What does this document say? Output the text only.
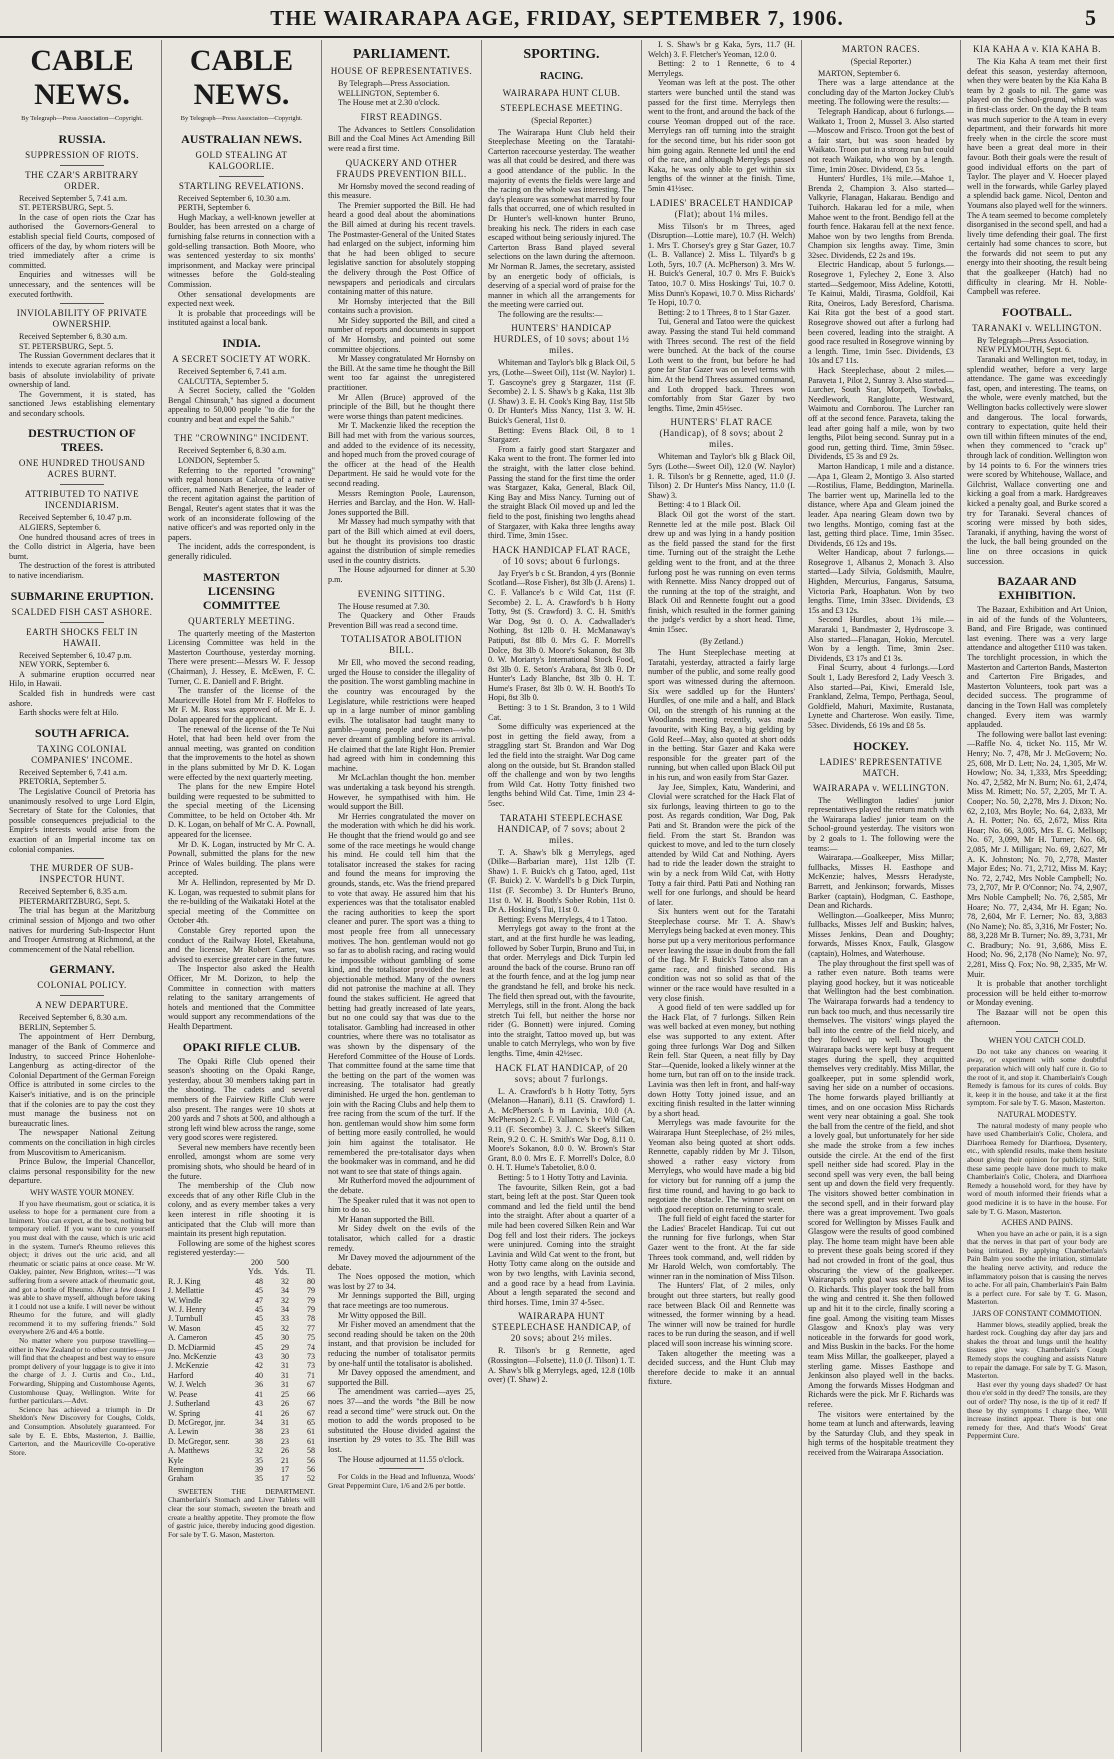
THE WAIRARAPA AGE, FRIDAY, SEPTEMBER 7, 1906.	5
CABLE NEWS.
By Telegraph—Press Association—Copyright.
RUSSIA.
SUPPRESSION OF RIOTS.
THE CZAR'S ARBITRARY ORDER.

Received September 5, 7.41 a.m.

ST. PETERSBURG, Sept. 5.

In the case of open riots the Czar has authorised the Governors-General to establish special field Courts, composed of officers of the day, by whom rioters will be tried immediately after a crime is committed.

Enquiries and witnesses will be unnecessary, and the sentences will be executed forthwith.

INVIOLABILITY OF PRIVATE OWNERSHIP.

Received September 6, 8.30 a.m.

ST. PETERSBURG, Sept. 5.

The Russian Government declares that it intends to execute agrarian reforms on the basis of absolute inviolability of private ownership of land.

The Government, it is stated, has sanctioned Jews establishing elementary and secondary schools.

DESTRUCTION OF TREES.
ONE HUNDRED THOUSAND ACRES BURNT.
ATTRIBUTED TO NATIVE INCENDIARISM.

Received September 6, 10.47 p.m.

ALGIERS, September 6.

One hundred thousand acres of trees in the Collo district in Algeria, have been burnt.

The destruction of the forest is attributed to native incendiarism.

SUBMARINE ERUPTION.
SCALDED FISH CAST ASHORE.
EARTH SHOCKS FELT IN HAWAII.

Received September 6, 10.47 p.m.

NEW YORK, September 6.

A submarine eruption occurred near Hilo, in Hawaii.

Scalded fish in hundreds were cast ashore.

Earth shocks were felt at Hilo.

SOUTH AFRICA.
TAXING COLONIAL COMPANIES' INCOME.

Received September 6, 7.41 a.m.

PRETORIA, September 5.

The Legislative Council of Pretoria has unanimously resolved to urge Lord Elgin, Secretary of State for the Colonies, that possible consequences prejudicial to the Empire's interests would arise from the exaction of an Imperial income tax on colonial companies.

THE MURDER OF SUB-INSPECTOR HUNT.

Received September 6, 8.35 a.m.

PIETERMARITZBURG, Sept. 5.

The trial has begun at the Maritzburg criminal session of Mjongo and two other natives for murdering Sub-Inspector Hunt and Trooper Armstrong at Richmond, at the commencement of the Natal rebellion.

GERMANY.
COLONIAL POLICY.
A NEW DEPARTURE.

Received September 6, 8.30 a.m.

BERLIN, September 5.

The appointment of Herr Dernburg, manager of the Bank of Commerce and Industry, to succeed Prince Hohenlohe-Langenburg as acting-director of the Colonial Department of the German Foreign Office is attributed in some circles to the Kaiser's initiative, and is on the principle that if the colonies are to pay the cost they must manage the business not on bureaucratic lines.

The newspaper National Zeitung comments on the conciliation in high circles from Muscovitism to Americanism.

Prince Bulow, the Imperial Chancellor, claims personal responsibility for the new departure.

WHY WASTE YOUR MONEY.

If you have rheumatism, gout or sciatica, it is useless to hope for a permanent cure from a liniment. You can expect, at the best, nothing but temporary relief. If you want to cure yourself you must deal with the cause, which is uric acid in the system. Turner's Rheumo relieves this object; it drives out the uric acid, and all rheumatic or sciatic pains at once cease. Mr W. Oakley, painter, New Brighton, writes:—"I was suffering from a severe attack of rheumatic gout, and got a bottle of Rheumo. After a few doses I was able to shave myself, although before taking it I could not use a knife. I will never be without Rheumo for the future, and will gladly recommend it to my suffering friends." Sold everywhere 2/6 and 4/6 a bottle.

No matter where you purpose travelling—either in New Zealand or to other countries—you will find that the cheapest and best way to ensure prompt delivery of your luggage is to give it into the charge of J. J. Curtis and Co., Ltd., Forwarding, Shipping and Customhouse Agents, Customhouse Quay, Wellington. Write for further particulars.—Advt.

Science has achieved a triumph in Dr Sheldon's New Discovery for Coughs, Colds, and Consumption. Absolutely guaranteed. For sale by E. E. Ebbs, Masterton, J. Baillie, Carterton, and the Mauriceville Co-operative Store.

CABLE NEWS.
By Telegraph—Press Association—Copyright.
AUSTRALIAN NEWS.
GOLD STEALING AT KALGOORLIE.
STARTLING REVELATIONS.

Received September 6, 10.30 a.m.

PERTH, September 6.

Hugh Mackay, a well-known jeweller at Boulder, has been arrested on a charge of furnishing false returns in connection with a gold-selling transaction. Both Moore, who was sentenced yesterday to six months' imprisonment, and Mackay were principal witnesses before the Gold-stealing Commission.

Other sensational developments are expected next week.

It is probable that proceedings will be instituted against a local bank.

INDIA.
A SECRET SOCIETY AT WORK.

Received September 6, 7.41 a.m.

CALCUTTA, September 5.

A Secret Society, called the "Golden Bengal Chinsurah," has signed a document appealing to 50,000 people "to die for the country and beat and expel the Sahib."

THE "CROWNING" INCIDENT.

Received September 6, 8.30 a.m.

LONDON, September 5.

Referring to the reported "crowning" with regal honours at Calcutta of a native officer, named Nath Benerjee, the leader of the recent agitation against the partition of Bengal, Reuter's agent states that it was the work of an inconsiderate following of the native officer's and was reported only in the papers.

The incident, adds the correspondent, is generally ridiculed.

MASTERTON LICENSING COMMITTEE
QUARTERLY MEETING.

The quarterly meeting of the Masterton Licensing Committee was held in the Masterton Courthouse, yesterday morning. There were present:—Messrs W. F. Jessop (Chairman), J. Hessey, E. McEwen, F. C. Turner, C. E. Daniell and F. Bright.

The transfer of the license of the Mauriceville Hotel from Mr F. Hoffelos to Mr F. M. Ross was approved of. Mr E. J. Dolan appeared for the applicant.

The renewal of the license of the Te Nui Hotel, that had been held over from the annual meeting, was granted on condition that the improvements to the hotel as shown in the plans submitted by Mr D. K. Logan were effected by the next quarterly meeting.

The plans for the new Empire Hotel building were requested to be submitted to the special meeting of the Licensing Committee, to be held on October 4th. Mr D. K. Logan, on behalf of Mr C. A. Pownall, appeared for the licensee.

Mr D. K. Logan, instructed by Mr C. A. Pownall, submitted the plans for the new Prince of Wales building. The plans were accepted.

Mr A. Hellindon, represented by Mr D. K. Logan, was requested to submit plans for the re-building of the Waikataki Hotel at the special meeting of the Committee on October 4th.

Constable Grey reported upon the conduct of the Railway Hotel, Eketahuna, and the licensee, Mr Robert Carter, was advised to exercise greater care in the future.

The Inspector also asked the Health Officer, Mr M. Dorizon, to help the Committee in connection with matters relating to the sanitary arrangements of hotels and mentioned that the Committee would support any recommendations of the Health Department.

OPAKI RIFLE CLUB.

The Opaki Rifle Club opened their season's shooting on the Opaki Range, yesterday, about 30 members taking part in the shooting. The cadets and several members of the Fairview Rifle Club were also present. The ranges were 10 shots at 200 yards and 7 shots at 500, and although a strong left wind blew across the range, some very good scores were registered.

Several new members have recently been enrolled, amongst whom are some very promising shots, who should be heard of in the future.

The membership of the Club now exceeds that of any other Rifle Club in the colony, and as every member takes a very keen interest in rifle shooting it is anticipated that the Club will more than maintain its present high reputation.

Following are some of the highest scores registered yesterday:—

	200	500	
	Yds.	Yds.	Tl.
R. J. King	48	32	80
J. Mellattie	45	34	79
W. Windle	47	32	79
W. J. Henry	45	34	79
J. Turnbull	45	33	78
W. Mason	45	32	77
A. Cameron	45	30	75
D. McDiarmid	45	29	74
Jno. McKenzie	43	30	73
J. McKenzie	42	31	73
Harford	40	31	71
W. J. Welch	36	31	67
W. Pease	41	25	66
J. Sutherland	43	26	67
W. Spring	41	26	67
D. McGregor, jnr.	34	31	65
A. Lewin	38	23	61
D. McGregor, senr.	38	23	61
A. Matthews	32	26	58
Kyle	35	21	56
Remington	39	17	56
Graham	35	17	52

SWEETEN THE DEPARTMENT. Chamberlain's Stomach and Liver Tablets will clear the sour stomach, sweeten the breath and create a healthy appetite. They promote the flow of gastric juice, thereby inducing good digestion. For sale by T. G. Mason, Masterton.

PARLIAMENT.
HOUSE OF REPRESENTATIVES.

By Telegraph—Press Association.

WELLINGTON, September 6.

The House met at 2.30 o'clock.

FIRST READINGS.

The Advances to Settlers Consolidation Bill and the Coal Mines Act Amending Bill were read a first time.

QUACKERY AND OTHER FRAUDS PREVENTION BILL.

Mr Hornsby moved the second reading of this measure.

The Premier supported the Bill. He had heard a good deal about the abominations the Bill aimed at during his recent travels. The Postmaster-General of the United States had enlarged on the subject, informing him that he had been obliged to secure legislative sanction for absolutely stopping the delivery through the Post Office of newspapers and periodicals and circulars containing matter of this nature.

Mr Hornsby interjected that the Bill contains such a provision.

Mr Sidey supported the Bill, and cited a number of reports and documents in support of Mr Hornsby, and pointed out some committee objections.

Mr Massey congratulated Mr Hornsby on the Bill. At the same time he thought the Bill went too far against the unregistered practitioner.

Mr Allen (Bruce) approved of the principle of the Bill, but he thought there were worse things than patent medicines.

Mr T. Mackenzie liked the reception the Bill had met with from the various sources, and added to the evidence of its necessity, and hoped much from the proved courage of the officer at the head of the Health Department. He said he would vote for the second reading.

Messrs Remington Poole, Laurenson, Herries and Barclay, and the Hon. W. Hall-Jones supported the Bill.

Mr Massey had much sympathy with that part of the Bill which aimed at evil doers, but he thought its provisions too drastic against the distribution of simple remedies used in the country districts.

The House adjourned for dinner at 5.30 p.m.

EVENING SITTING.

The House resumed at 7.30.

The Quackery and Other Frauds Prevention Bill was read a second time.

TOTALISATOR ABOLITION BILL.

Mr Ell, who moved the second reading, urged the House to consider the illegality of the position. The worst gambling machine in the country was encouraged by the Legislature, while restrictions were heaped up in a large number of minor gambling evils. The totalisator had taught many to gamble—young people and women—who never dreamt of gambling before its arrival. He claimed that the late Right Hon. Premier had agreed with him in condemning this machine.

Mr McLachlan thought the hon. member was undertaking a task beyond his strength. However, he sympathised with him. He would support the Bill.

Mr Herries congratulated the mover on the moderation with which he did his work. He thought that the friend would go and see some of the race meetings he would change his mind. He could tell him that the totalisator increased the stakes for racing and found the means for improving the grounds, stands, etc. Was the friend prepared to vote that away. He assured him that his experiences was that the totalisator enabled the racing authorities to keep the sport cleaner and purer. The sport was a thing to most people free from all unnecessary motives. The hon. gentleman would not go so far as to abolish racing, and racing would be impossible without gambling of some kind, and the totalisator provided the least objectionable method. Many of the owners did not patronise the machine at all. They found the stakes sufficient. He agreed that betting had greatly increased of late years, but no one could say that was due to the totalisator. Gambling had increased in other countries, where there was no totalisator as was shown by the dispensary of the Hereford Committee of the House of Lords. That committee found at the same time that the betting on the part of the women was increasing. The totalisator had greatly diminished. He urged the hon. gentleman to join with the Racing Clubs and help them to free racing from the scum of the turf. If the hon. gentleman would show him some form of betting more easily controlled, he would join him against the totalisator. He remembered the pre-totalisator days when the bookmaker was in command, and he did not want to see that state of things again.

Mr Rutherford moved the adjournment of the debate.

The Speaker ruled that it was not open to him to do so.

Mr Hanan supported the Bill.

Mr Sidey dwelt on the evils of the totalisator, which called for a drastic remedy.

Mr Davey moved the adjournment of the debate.

The Noes opposed the motion, which was lost by 27 to 34.

Mr Jennings supported the Bill, urging that race meetings are too numerous.

Mr Witty opposed the Bill.

Mr Fisher moved an amendment that the second reading should be taken on the 20th instant, and that provision be included for reducing the number of totalisator permits by one-half until the totalisator is abolished.

Mr Davey opposed the amendment, and supported the Bill.

The amendment was carried—ayes 25, noes 37—and the words "the Bill be now read a second time" were struck out. On the motion to add the words proposed to be substituted the House divided against the insertion by 29 votes to 35. The Bill was lost.

The House adjourned at 11.55 o'clock.

For Colds in the Head and Influenza, Woods' Great Peppermint Cure, 1/6 and 2/6 per bottle.

SPORTING.
RACING.
WAIRARAPA HUNT CLUB.
STEEPLECHASE MEETING.
(Special Reporter.)

The Wairarapa Hunt Club held their Steeplechase Meeting on the Taratahi-Carterton racecourse yesterday. The weather was all that could be desired, and there was a good attendance of the public. In the majority of events the fields were large and the racing on the whole was interesting. The day's pleasure was somewhat marred by four falls that occurred, one of which resulted in Dr Hunter's well-known hunter Bruno, breaking his neck. The riders in each case escaped without being seriously injured. The Carterton Brass Band played several selections on the lawn during the afternoon. Mr Norman R. James, the secretary, assisted by an energetic body of officials, is deserving of a special word of praise for the manner in which all the arrangements for the meeting were carried out.

The following are the results:—

HUNTERS' HANDICAP HURDLES, of 10 sovs; about 1½ miles.

Whiteman and Taylor's blk g Black Oil, 5 yrs, (Lothe—Sweet Oil), 11st (W. Naylor) 1. T. Gascoyne's grey g Stargazer, 11st (F. Secombe) 2. I. S. Shaw's b g Kaka, 11st 3lb (J. Shaw) 3. E. H. Cook's King Bay, 11st 5lb 0. Dr Hunter's Miss Nancy, 11st 3. W. H. Buick's General, 11st 0.

Betting: Evens Black Oil, 8 to 1 Stargazer.

From a fairly good start Stargazer and Kaka went to the front. The former led into the straight, with the latter close behind. Passing the stand for the first time the order was Stargazer, Kaka, General, Black Oil, King Bay and Miss Nancy. Turning out of the straight Black Oil moved up and led the field to the post, finishing two lengths ahead of Stargazer, with Kaka three lengths away third. Time, 3min 15sec.

HACK HANDICAP FLAT RACE, of 10 sovs; about 6 furlongs.

Jay Fryer's b c St. Brandon, 4 yrs (Bonnie Scotland—Rose Fisher), 8st 3lb (J. Arens) 1. C. F. Vallance's b c Wild Cat, 11st (F. Secombe) 2. L. A. Crawford's b h Hotty Totty, 9st (S. Crawford) 3. C. H. Smith's War Dog, 9st 0. O. A. Cadwallader's Nothing, 8st 12lb 0. H. McManaway's Patiputi, 8st 8lb 0. Mrs G. F. Morrell's Dolce, 8st 3lb 0. Moore's Sokanon, 8st 3lb 0. W. Moriarty's International Stock Food, 8st 3lb 0. E. Seton's Arabara, 8st 3lb 0. Dr Hunter's Lady Blanche, 8st 3lb 0. H. T. Hume's Fraser, 8st 3lb 0. W. H. Booth's To Hopi, 8st 3lb 0.

Betting: 3 to 1 St. Brandon, 3 to 1 Wild Cat.

Some difficulty was experienced at the post in getting the field away, from a straggling start St. Brandon and War Dog led the field into the straight. War Dog came along on the outside, but St. Brandon stalled off the challenge and won by two lengths from Wild Cat. Hotty Totty finished two lengths behind Wild Cat. Time, 1min 23 4-5sec.

TARATAHI STEEPLECHASE HANDICAP, of 7 sovs; about 2 miles.

T. A. Shaw's blk g Merrylegs, aged (Dilke—Barbarian mare), 11st 12lb (T. Shaw) 1. F. Buick's ch g Tatoo, aged, 11st (F. Buick) 2. V. Wardell's b g Dick Turpin, 11st (F. Secombe) 3. Dr Hunter's Bruno, 11st 0. W. H. Booth's Sober Robin, 11st 0. Dr A. Hosking's Tui, 11st 0.

Betting: Evens Merrylegs, 4 to 1 Tatoo.

Merrylegs got away to the front at the start, and at the first hurdle he was leading, followed by Sober Turpin, Bruno and Tui, in that order. Merrylegs and Dick Turpin led around the back of the course. Bruno ran off at the fourth fence, and at the log jump near the grandstand he fell, and broke his neck. The field then spread out, with the favourite, Merrylegs, still in the front. Along the back stretch Tui fell, but neither the horse nor rider (G. Bonnett) were injured. Coming into the straight, Tattoo moved up, but was unable to catch Merrylegs, who won by five lengths. Time, 4min 42½sec.

HACK FLAT HANDICAP, of 20 sovs; about 7 furlongs.

L. A. Crawford's b h Hotty Totty, 5yrs (Melanon—Hanari), 8.11 (S. Crawford) 1. A. McPherson's b m Lavinia, 10.0 (A. McPherson) 2. C. F. Vallance's b c Wild Cat, 9.11 (F. Secombe) 3. J. C. Skeet's Silken Rein, 9.2 0. C. H. Smith's War Dog, 8.11 0. Moore's Sokanon, 8.0 0. W. Brown's Star Grant, 8.0 0. Mrs E. F. Morrell's Dolce, 8.0 0. H. T. Hume's Tabetoliet, 8.0 0.

Betting: 5 to 1 Hotty Totty and Lavinia.

The favourite, Silken Rein, got a bad start, being left at the post. Star Queen took command and led the field until the bend into the straight. After about a quarter of a mile had been covered Silken Rein and War Dog fell and lost their riders. The jockeys were uninjured. Coming into the straight Lavinia and Wild Cat went to the front, but Hotty Totty came along on the outside and won by two lengths, with Lavinia second, and a good race by a head from Lavinia. About a length separated the second and third horses. Time, 1min 37 4-5sec.

WAIRARAPA HUNT STEEPLECHASE HANDICAP, of 20 sovs; about 2½ miles.

R. Tilson's br g Rennette, aged (Rossington—Folsette), 11.0 (J. Tilson) 1. T. A. Shaw's blk g Merrylegs, aged, 12.8 (10lb over) (T. Shaw) 2.

I. S. Shaw's br g Kaka, 5yrs, 11.7 (H. Welch) 3. F. Fletcher's Yeoman, 12.0 0.

Betting: 2 to 1 Rennette, 6 to 4 Merrylegs.

Yeoman was left at the post. The other starters were bunched until the stand was passed for the first time. Merrylegs then went to the front, and around the back of the course Yeoman dropped out of the race. Merrylegs ran off turning into the straight for the second time, but his rider soon got him going again. Rennette led until the end of the race, and although Merrylegs passed Kaka, he was only able to get within six lengths of the winner at the finish. Time, 5min 41½sec.

LADIES' BRACELET HANDICAP (Flat); about 1¼ miles.

Miss Tilson's br m Threes, aged (Disruption—Lottie mare), 10.7 (H. Welch) 1. Mrs T. Chorsey's grey g Star Gazer, 10.7 (L. B. Vallance) 2. Miss L. Tilyard's b g Loth, 5yrs, 10.7 (A. McPherson) 3. Mrs W. H. Buick's General, 10.7 0. Mrs F. Buick's Tatoo, 10.7 0. Miss Hoskings' Tui, 10.7 0. Miss Dunn's Kopawi, 10.7 0. Miss Richards' Te Hopi, 10.7 0.

Betting: 2 to 1 Threes, 8 to 1 Star Gazer.

Tui, General and Tatoo were the quickest away. Passing the stand Tui held command with Threes second. The rest of the field were bunched. At the back of the course Loth went to the front, but before he had gone far Star Gazer was on level terms with him. At the bend Threes assumed command, and Loth dropped back. Threes won comfortably from Star Gazer by two lengths. Time, 2min 45½sec.

HUNTERS' FLAT RACE (Handicap), of 8 sovs; about 2 miles.

Whiteman and Taylor's blk g Black Oil, 5yrs (Lothe—Sweet Oil), 12.0 (W. Naylor) 1. R. Tilson's br g Rennette, aged, 11.0 (J. Tilson) 2. Dr Hunter's Miss Nancy, 11.0 (I. Shaw) 3.

Betting: 4 to 1 Black Oil.

Black Oil got the worst of the start. Rennette led at the mile post. Black Oil drew up and was lying in a handy position as the field passed the stand for the first time. Turning out of the straight the Lethe gelding went to the front, and at the three furlong post he was running on even terms with Rennette. Miss Nancy dropped out of the running at the top of the straight, and Black Oil and Rennette fought out a good finish, which resulted in the former gaining the judge's verdict by a short head. Time, 4min 15sec.

(By Zetland.)

The Hunt Steeplechase meeting at Taratahi, yesterday, attracted a fairly large number of the public, and some really good sport was witnessed during the afternoon. Six were saddled up for the Hunters' Hurdles, of one mile and a half, and Black Oil, on the strength of his running at the Woodlands meeting recently, was made favourite, with King Bay, a big gelding by Gold Reef—May, also quoted at short odds in the betting. Star Gazer and Kaka were responsible for the greater part of the running, but when called upon Black Oil put in his run, and won easily from Star Gazer.

Jay Jee, Simplex, Katu, Wanderini, and Clovial were scratched for the Hack Flat of six furlongs, leaving thirteen to go to the post. As regards condition, War Dog, Pak Pati and St. Brandon were the pick of the field. From the start St. Brandon was quickest to move, and led to the turn closely attended by Wild Cat and Nothing. Ayers had to ride the leader down the straight to win by a neck from Wild Cat, with Hotty Totty a fair third. Patti Pati and Nothing ran well for one furlongs, and should be heard of later.

Six hunters went out for the Taratahi Steeplechase course. Mr T. A. Shaw's Merrylegs being backed at even money. This horse put up a very meritorious performance never leaving the issue in doubt from the fall of the flag. Mr F. Buick's Tatoo also ran a game race, and finished second. His condition was not so solid as that of the winner or the race would have resulted in a very close finish.

A good field of ten were saddled up for the Hack Flat, of 7 furlongs. Silken Rein was well backed at even money, but nothing else was supported to any extent. After going three furlongs War Dog and Silken Rein fell. Star Queen, a neat filly by Day Star—Quenide, looked a likely winner at the home turn, but ran off on to the inside track. Lavinia was then left in front, and half-way down Hotty Totty joined issue, and an exciting finish resulted in the latter winning by a short head.

Merrylegs was made favourite for the Wairarapa Hunt Steeplechase, of 2½ miles, Yeoman also being quoted at short odds. Rennette, capably ridden by Mr J. Tilson, showed a rather easy victory from Merrylegs, who would have made a big bid for victory but for running off a jump the first time round, and having to go back to negotiate the obstacle. The winner went on with good reception on returning to scale.

The full field of eight faced the starter for the Ladies' Bracelet Handicap. Tui cut out the running for five furlongs, when Star Gazer went to the front. At the far side Threes took command, and, well ridden by Mr Harold Welch, won comfortably. The winner ran in the nomination of Miss Tilson.

The Hunters' Flat, of 2 miles, only brought out three starters, but really good race between Black Oil and Rennette was witnessed, the former winning by a head. The winner will now be trained for hurdle races to be run during the season, and if well placed will soon increase his winning score.

Taken altogether the meeting was a decided success, and the Hunt Club may therefore decide to make it an annual fixture.

MARTON RACES.
(Special Reporter.)

MARTON, September 6.

There was a large attendance at the concluding day of the Marton Jockey Club's meeting. The following were the results:—

Telegraph Handicap, about 6 furlongs.—Waikato 1, Troon 2, Mussel 3. Also started—Moscow and Frisco. Troon got the best of a fair start, but was soon headed by Waikato. Troon put in a strong run but could not reach Waikato, who won by a length. Time, 1min 20sec. Dividend, £3 5s.

Hunters' Hurdles, 1¾ mile.—Mahoe 1, Brenda 2, Champion 3. Also started—Valkyrie, Flanagan, Hakarau. Bendigo and Tuihorch. Hakarau led for a mile, when Mahoe went to the front. Bendigo fell at the fourth fence. Hakarau fell at the next fence. Mahoe won by two lengths from Brenda. Champion six lengths away. Time, 3min 32sec. Dividends, £2 2s and 19s.

Electric Handicap, about 5 furlongs.—Rosegrove 1, Fylechey 2, Eone 3. Also started—Sedgemoor, Miss Adeline, Kototti, Te Kainui, Maldi, Tirasma, Goldfoil, Kai Rita, Oneiros, Lady Beresford, Charisma. Kai Rita got the best of a good start. Rosegrove showed out after a furlong had been covered, leading into the straight. A good race resulted in Rosegrove winning by a length. Time, 1min 5sec. Dividends, £3 10s and £7 11s.

Hack Steeplechase, about 2 miles.—Paraveta 1, Pilot 2, Sunray 3. Also started—Lurcher, South Star, Morpeth, Towbaks, Needlework, Ranglotte, Westward, Waimotu and Cornborou. The Lurcher ran off at the second fence. Paraveta, taking the lead after going half a mile, won by two lengths, Pilot being second. Sunray put in a good run, getting third. Time, 3min 59sec. Dividends, £5 3s and £9 2s.

Marton Handicap, 1 mile and a distance.—Apa 1, Gleam 2, Montigo 3. Also started—Rostilius, Flame, Beddington, Marinella. The barrier went up, Marinella led to the distance, where Apa and Gleam joined the leader. Apa nearing Gleam down two by two lengths. Montigo, coming fast at the last, getting third place. Time, 1min 35sec. Dividends, £6 12s and 19s.

Welter Handicap, about 7 furlongs.—Rosegrove 1, Albanus 2, Monach 3. Also started—Lady Silvia, Goldsmith, Maulre, Highden, Mercurius, Fangarus, Satsuma, Victoria Park, Hoaphatun. Won by two lengths. Time, 1min 33sec. Dividends, £3 15s and £3 12s.

Second Hurdles, about 1¾ mile.—Mararaki 1, Bandmaster 2, Hydroscope 3. Also started—Flanagan, Hokio, Mercutel. Won by a length. Time, 3min 2sec. Dividends, £3 17s and £1 3s.

Final Scurry, about 4 furlongs.—Lord Soult 1, Lady Beresford 2, Lady Veesch 3. Also started—Pai, Kiwi, Emerald Isle, Frankland, Zelma, Tempo, Perthaga, Seoul, Goldfield, Mahuri, Maximite, Rustanata, Lynette and Charterose. Won easily. Time, 53sec. Dividends, £6 19s and £8 5s.

HOCKEY.
LADIES' REPRESENTATIVE MATCH.
WAIRARAPA v. WELLINGTON.

The Wellington ladies' junior representatives played the return match with the Wairarapa ladies' junior team on the School-ground yesterday. The visitors won by 2 goals to 1. The following were the teams:—

Wairarapa.—Goalkeeper, Miss Millar; fullbacks, Misses H. Easthope and McKenzie; halves, Messrs Heradyste, Barrett, and Jenkinson; forwards, Misses Barker (captain), Hodgman, C. Easthope, Dean and Richards.

Wellington.—Goalkeeper, Miss Munro; fullbacks, Misses Jelf and Buskin; halves, Misses Jenkins, Dean and Doughty; forwards, Misses Knox, Faulk, Glasgow (captain), Holmes, and Waterhouse.

The play throughout the first spell was of a rather even nature. Both teams were playing good hockey, but it was noticeable that Wellington had the best combination. The Wairarapa forwards had a tendency to run back too much, and thus necessarily tire themselves. The visitors' wings played the ball into the centre of the field nicely, and they followed up well. Though the Wairarapa backs were kept busy at frequent stages during the spell, they acquitted themselves very creditably. Miss Millar, the goalkeeper, put in some splendid work, saving her side on a number of occasions. The home forwards played brilliantly at times, and on one occasion Miss Richards went very near obtaining a goal. She took the ball from the centre of the field, and shot a lovely goal, but unfortunately for her side she made the stroke from a few inches outside the circle. At the end of the first spell neither side had scored. Play in the second spell was very even, the ball being sent up and down the field very frequently. The visitors showed better combination in the second spell, and in their forward play there was a great improvement. Two goals scored for Wellington by Misses Faulk and Glasgow were the results of good combined play. The home team might have been able to prevent these goals being scored if they had not crowded in front of the goal, thus obscuring the view of the goalkeeper. Wairarapa's only goal was scored by Miss O. Richards. This player took the ball from the wing and centred it. She then followed up and hit it to the circle, finally scoring a fine goal. Among the visiting team Misses Glasgow and Knox's play was very noticeable in the forwards for good work, and Miss Buskin in the backs. For the home team Miss Millar, the goalkeeper, played a sterling game. Misses Easthope and Jenkinson also played well in the backs. Among the forwards Misses Hodgman and Richards were the pick. Mr F. Richards was referee.

The visitors were entertained by the home team at lunch and afterwards, leaving by the Saturday Club, and they speak in high terms of the hospitable treatment they received from the Wairarapa Association.

KIA KAHA A v. KIA KAHA B.

The Kia Kaha A team met their first defeat this season, yesterday afternoon, when they were beaten by the Kia Kaha B team by 2 goals to nil. The game was played on the School-ground, which was in first-class order. On the day the B team was much superior to the A team in every department, and their forwards hit more freely when in the circle the score must have been a great deal more in their favour. Both their goals were the result of good individual efforts on the part of Taylor. The player and V. Hoecer played well in the forwards, while Garley played a splendid back game. Nicol, Denton and Youmans also played well for the winners. The A team seemed to become completely disorganised in the second spell, and had a lively time defending their goal. The first certainly had some chances to score, but the forwards did not seem to put any energy into their shooting, the result being that the goalkeeper (Hatch) had no difficulty in clearing. Mr H. Noble-Campbell was referee.

FOOTBALL.
TARANAKI v. WELLINGTON.

By Telegraph—Press Association.

NEW PLYMOUTH, Sept. 6.

Taranaki and Wellington met, today, in splendid weather, before a very large attendance. The game was exceedingly fast, open, and interesting. The teams, on the whole, were evenly matched, but the Wellington backs collectively were slower and dangerous. The local forwards, contrary to expectation, quite held their own till within fifteen minutes of the end, when they commenced to "crack up" through lack of condition. Wellington won by 14 points to 6. For the winners tries were scored by Whitehouse, Wallace, and Gilchrist, Wallace converting one and kicking a goal from a mark. Hardgreaves kicked a penalty goal, and Burke scored a try for Taranaki. Several chances of scoring were missed by both sides, Taranaki, if anything, having the worst of the luck, the ball being grounded on the line on three occasions in quick succession.

BAZAAR AND EXHIBITION.

The Bazaar, Exhibition and Art Union, in aid of the funds of the Volunteers, Band, and Fire Brigade, was continued last evening. There was a very large attendance and altogether £110 was taken. The torchlight procession, in which the Masterton and Carterton Bands, Masterton and Carterton Fire Brigades, and Masterton Volunteers, took part was a decided success. The programme of dancing in the Town Hall was completely changed. Every item was warmly applauded.

The following were ballot last evening:—Raffle No. 4, ticket No. 115, Mr W. Henry; No. 7, 478, Mr J. McGovern; No. 25, 608, Mr D. Lett; No. 24, 1,305, Mr W. Howlow; No. 34, 1,333, Mrs Speedding; No. 47, 2,582, Mr N. Burn; No. 61, 2,474, Miss M. Rimett; No. 57, 2,205, Mr T. A. Cooper; No. 50, 2,278, Mrs J. Dixon; No. 62, 2,103, Mrs Boyle; No. 64, 2,833, Mr A. H. Potter; No. 65, 2,672, Miss Rita Hoar; No. 66, 3,005, Mrs E. G. Mellsop; No. 67, 3,099, Mr H. Turner; No. 68, 2,085, Mr J. Milligan; No. 69, 2,627, Mr A. K. Johnston; No. 70, 2,778, Master Major Edes; No. 71, 2,712, Miss M. Kay; No. 72, 2,742, Mrs Noble Campbell; No. 73, 2,707, Mr P. O'Connor; No. 74, 2,907, Mrs Noble Campbell; No. 76, 2,585, Mr Hoare; No. 77, 2,434, Mr H. Egan; No. 78, 2,604, Mr F. Lerner; No. 83, 3,883 (No Name); No. 85, 3,316, Mr Foster; No. 88, 3,228 Mr B. Turner; No. 89, 3,731, Mr C. Bradbury; No. 91, 3,686, Miss E. Hood; No. 96, 2,178 (No Name); No. 97, 2,281, Miss Q. Fox; No. 98, 2,335, Mr W. Muir.

It is probable that another torchlight procession will be held either to-morrow or Monday evening.

The Bazaar will not be open this afternoon.

WHEN YOU CATCH COLD.

Do not take any chances on wearing it away, or experiment with some doubtful preparation which will only half cure it. Go to the root of it, and stop it. Chamberlain's Cough Remedy is famous for its cures of colds. Buy it, keep it in the house, and take it at the first symptom. For sale by T. G. Mason, Masterton.

NATURAL MODESTY.

The natural modesty of many people who have used Chamberlain's Colic, Cholera, and Diarrhoea Remedy for Diarrhoea, Dysentery, etc., with splendid results, make them hesitate about giving their opinion for publicity. Still, these same people have done much to make Chamberlain's Colic, Cholera, and Diarrhoea Remedy a household word, for they have by word of mouth informed their friends what a good medicine it is to have in the house. For sale by T. G. Mason, Masterton.

ACHES AND PAINS.

When you have an ache or pain, it is a sign that the nerves in that part of your body are being irritated. By applying Chamberlain's Pain Balm you soothe the irritation, stimulate the healing nerve activity, and reduce the inflammatory poison that is causing the nerves to ache. For all pain, Chamberlain's Pain Balm is a perfect cure. For sale by T. G. Mason, Masterton.

JARS OF CONSTANT COMMOTION.

Hammer blows, steadily applied, break the hardest rock. Coughing day after day jars and shakes the throat and lungs until the healthy tissues give way. Chamberlain's Cough Remedy stops the coughing and assists Nature to repair the damage. For sale by T. G. Mason, Masterton.

Hast ever thy young days shaded? Or hast thou e'er sold in thy deed? The tonsils, are they out of order? Thy nose, is the tip of it red? If these by thy symptoms I charge thee, Will increase instinct appear. There is but one remedy for thee, And that's Woods' Great Peppermint Cure.
